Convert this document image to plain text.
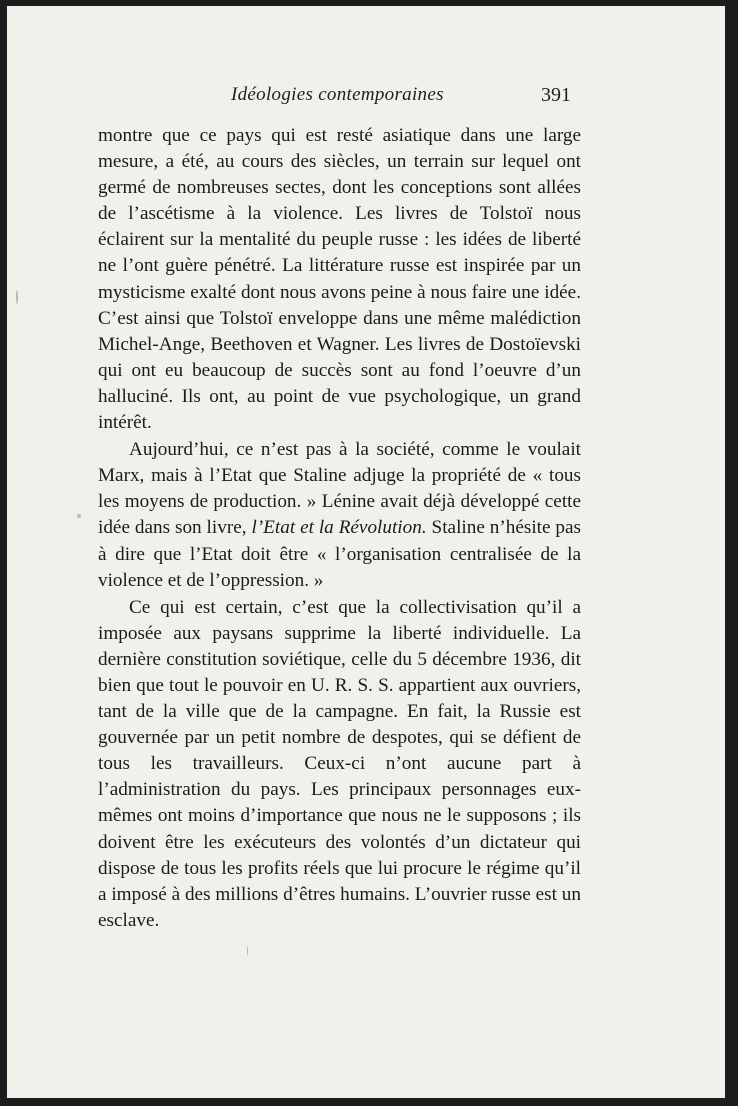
Idéologies contemporaines	391

montre que ce pays qui est resté asiatique dans une large mesure, a été, au cours des siècles, un terrain sur lequel ont germé de nombreuses sectes, dont les conceptions sont allées de l’ascétisme à la violence. Les livres de Tolstoï nous éclairent sur la mentalité du peuple russe : les idées de liberté ne l’ont guère pénétré. La littérature russe est inspirée par un mysticisme exalté dont nous avons peine à nous faire une idée. C’est ainsi que Tolstoï enveloppe dans une même malédiction Michel-Ange, Beethoven et Wagner. Les livres de Dostoïevski qui ont eu beaucoup de succès sont au fond l’oeuvre d’un halluciné. Ils ont, au point de vue psychologique, un grand intérêt.

Aujourd’hui, ce n’est pas à la société, comme le voulait Marx, mais à l’Etat que Staline adjuge la propriété de « tous les moyens de production. » Lénine avait déjà développé cette idée dans son livre, l’Etat et la Révolution. Staline n’hésite pas à dire que l’Etat doit être « l’organisation centralisée de la violence et de l’oppression. »

Ce qui est certain, c’est que la collectivisation qu’il a imposée aux paysans supprime la liberté individuelle. La dernière constitution soviétique, celle du 5 décembre 1936, dit bien que tout le pouvoir en U. R. S. S. appartient aux ouvriers, tant de la ville que de la campagne. En fait, la Russie est gouvernée par un petit nombre de despotes, qui se défient de tous les travailleurs. Ceux-ci n’ont aucune part à l’administration du pays. Les principaux personnages eux-mêmes ont moins d’importance que nous ne le supposons ; ils doivent être les exécuteurs des volontés d’un dictateur qui dispose de tous les profits réels que lui procure le régime qu’il a imposé à des millions d’êtres humains. L’ouvrier russe est un esclave.
